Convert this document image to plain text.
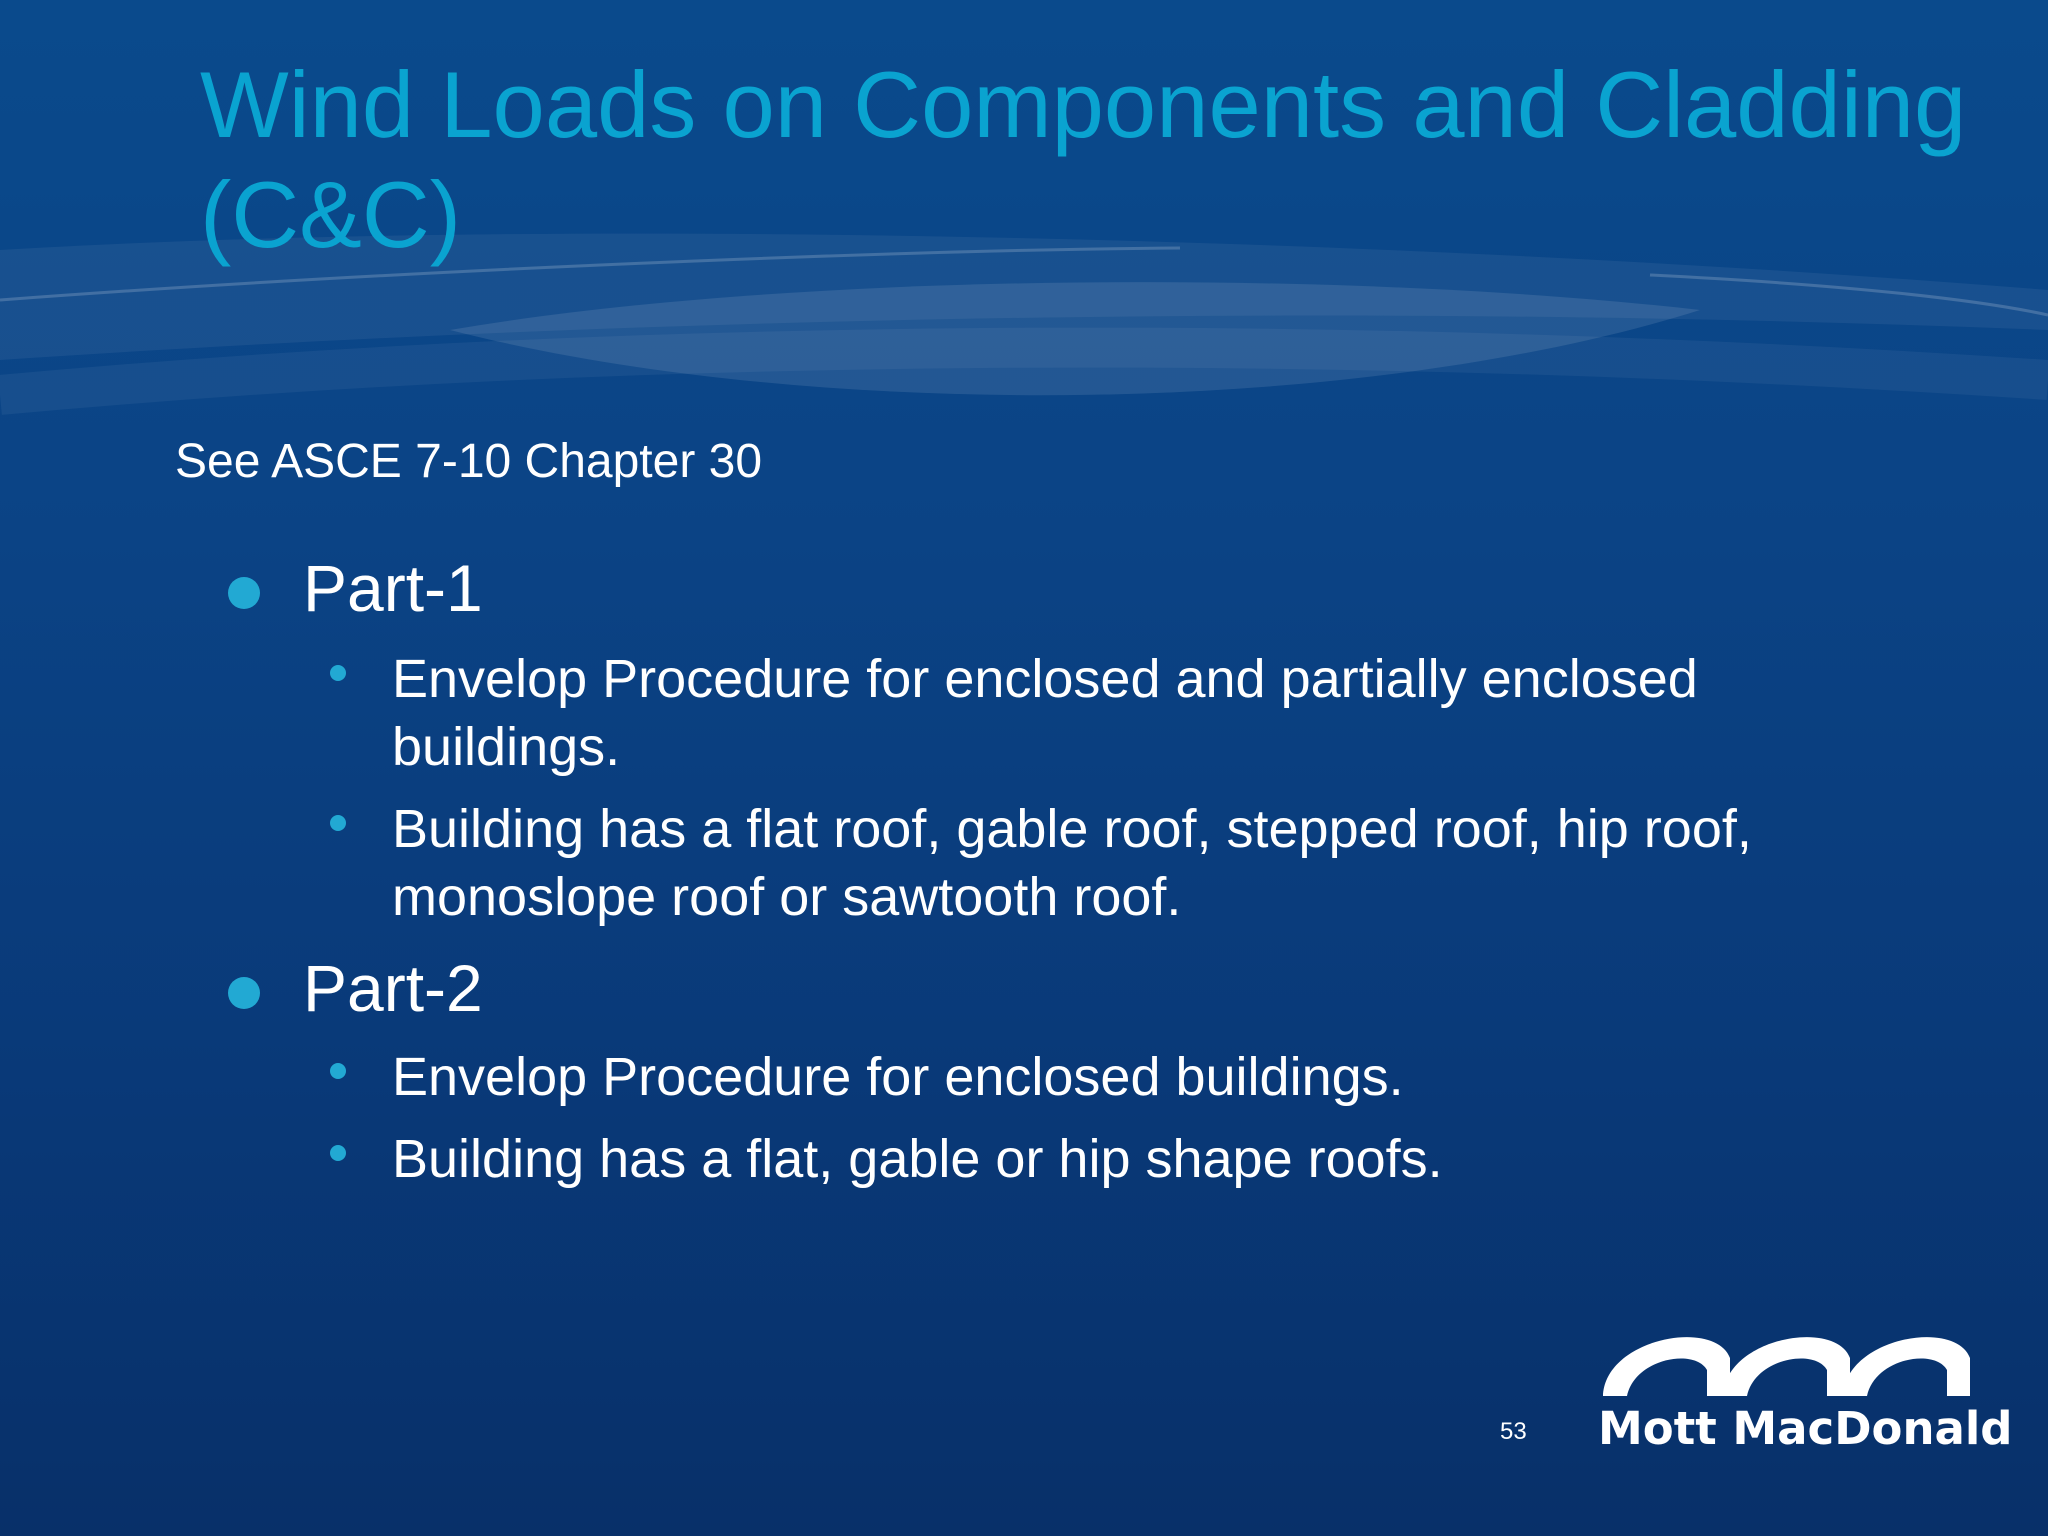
Wind Loads on Components and Cladding
(C&C)
See ASCE 7-10 Chapter 30
Part-1
Envelop Procedure for enclosed and partially enclosed buildings.
Building has a flat roof, gable roof, stepped roof, hip roof, monoslope roof or sawtooth roof.
Part-2
Envelop Procedure for enclosed buildings.
Building has a flat, gable or hip shape roofs.
53 Mott MacDonald
